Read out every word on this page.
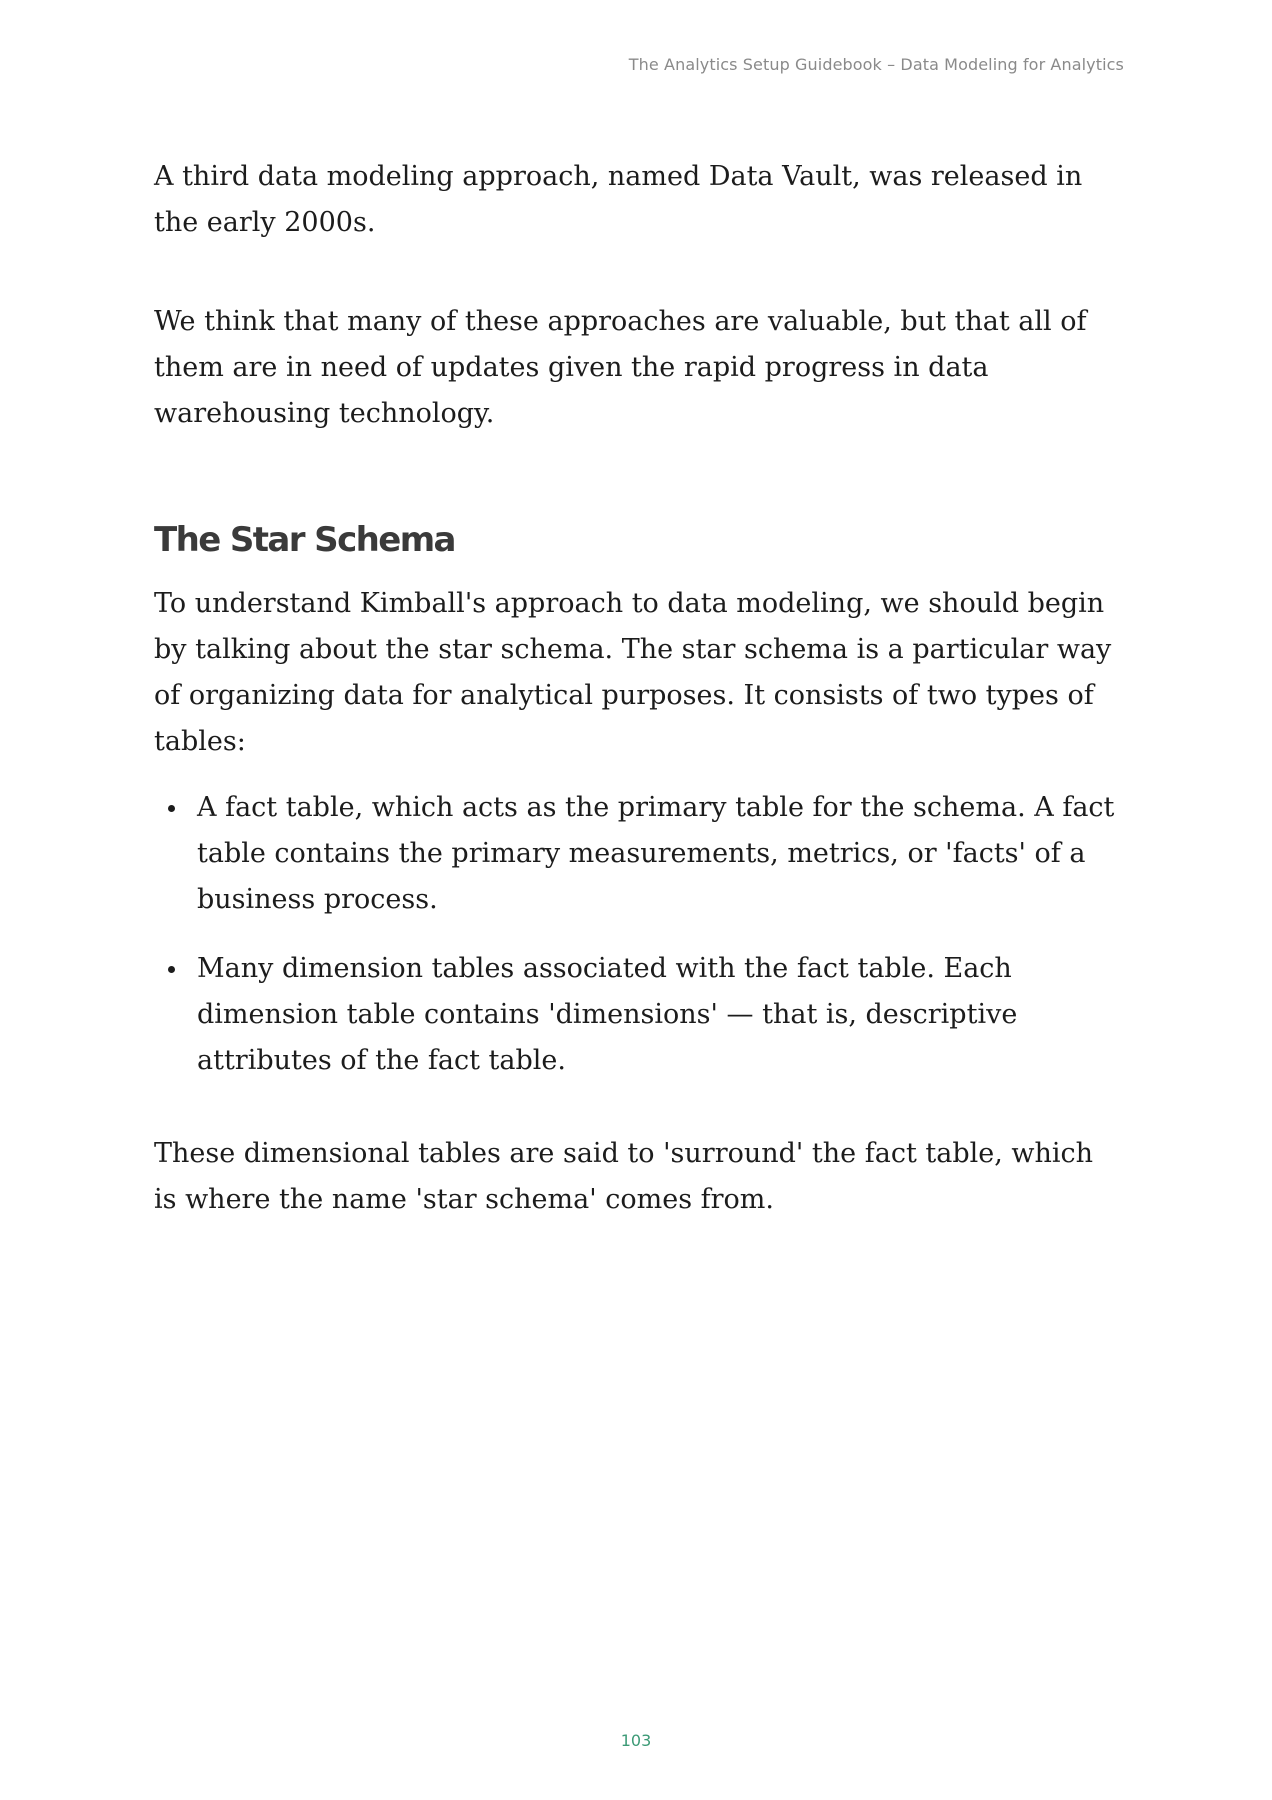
The Analytics Setup Guidebook – Data Modeling for Analytics

A third data modeling approach, named Data Vault, was released in the early 2000s.

We think that many of these approaches are valuable, but that all of them are in need of updates given the rapid progress in data warehousing technology.

The Star Schema

To understand Kimball's approach to data modeling, we should begin by talking about the star schema. The star schema is a particular way of organizing data for analytical purposes. It consists of two types of tables:

A fact table, which acts as the primary table for the schema. A fact table contains the primary measurements, metrics, or 'facts' of a business process.
Many dimension tables associated with the fact table. Each dimension table contains 'dimensions' — that is, descriptive attributes of the fact table.

These dimensional tables are said to 'surround' the fact table, which is where the name 'star schema' comes from.

103
